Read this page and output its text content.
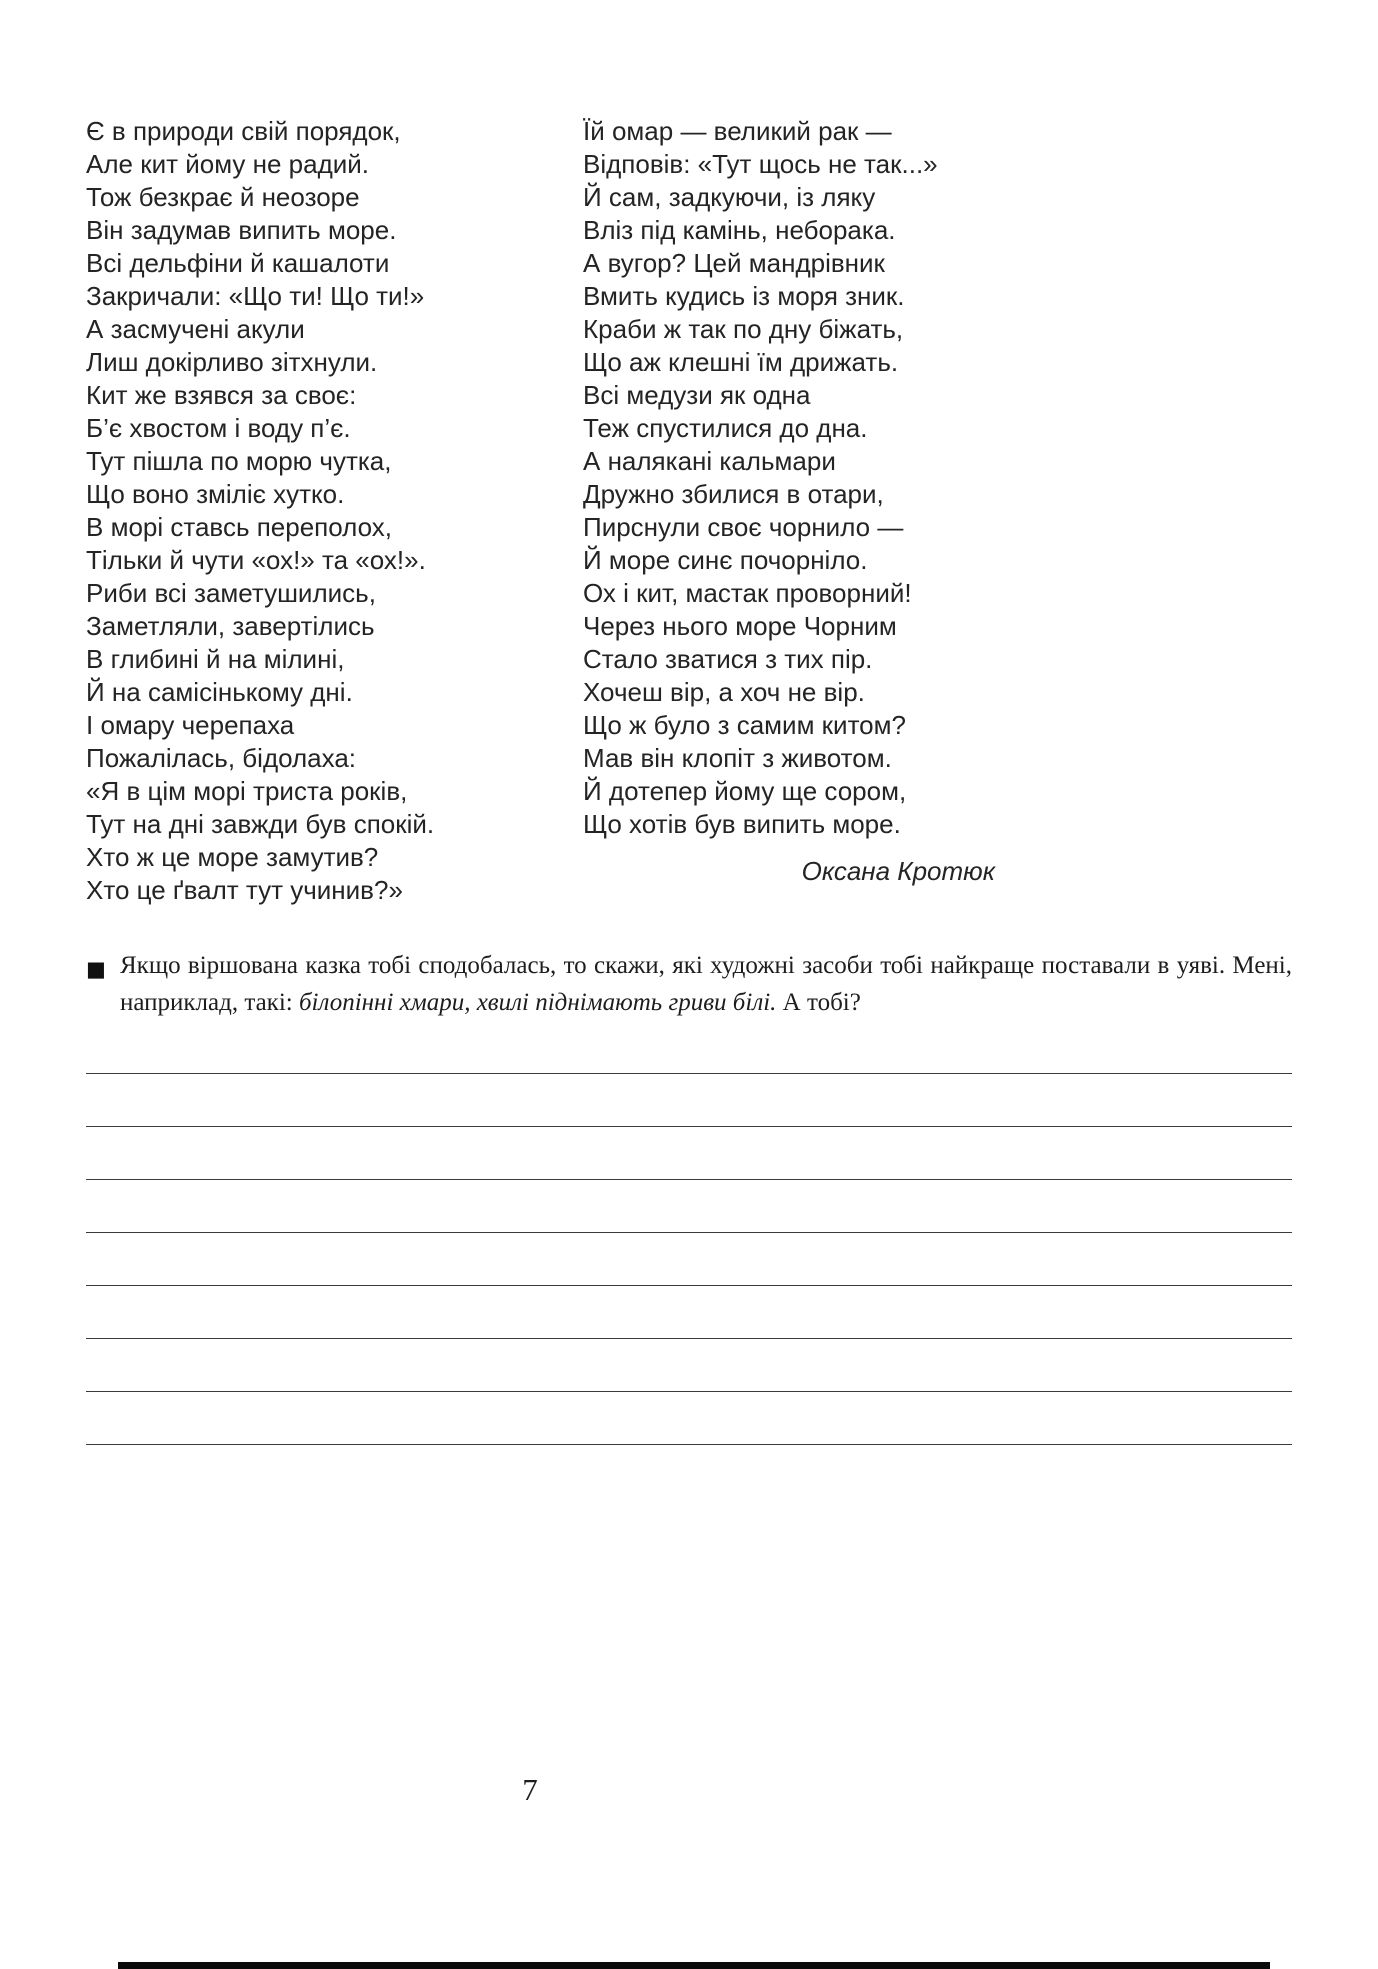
Є в природи свій порядок,
Але кит йому не радий.
Тож безкрає й неозоре
Він задумав випить море.
Всі дельфіни й кашалоти
Закричали: «Що ти! Що ти!»
А засмучені акули
Лиш докірливо зітхнули.
Кит же взявся за своє:
Б’є хвостом і воду п’є.
Тут пішла по морю чутка,
Що воно зміліє хутко.
В морі ставсь переполох,
Тільки й чути «ох!» та «ох!».
Риби всі заметушились,
Заметляли, завертілись
В глибині й на мілині,
Й на самісінькому дні.
І омару черепаха
Пожалілась, бідолаха:
«Я в цім морі триста років,
Тут на дні завжди був спокій.
Хто ж це море замутив?
Хто це ґвалт тут учинив?»
Їй омар — великий рак —
Відповів: «Тут щось не так...»
Й сам, задкуючи, із ляку
Вліз під камінь, неборака.
А вугор? Цей мандрівник
Вмить кудись із моря зник.
Краби ж так по дну біжать,
Що аж клешні їм дрижать.
Всі медузи як одна
Теж спустилися до дна.
А налякані кальмари
Дружно збилися в отари,
Пирснули своє чорнило —
Й море синє почорніло.
Ох і кит, мастак проворний!
Через нього море Чорним
Стало зватися з тих пір.
Хочеш вір, а хоч не вір.
Що ж було з самим китом?
Мав він клопіт з животом.
Й дотепер йому ще сором,
Що хотів був випить море.
Оксана Кротюк
■ Якщо віршована казка тобі сподобалась, то скажи, які художні засоби тобі найкраще поставали в уяві. Мені, наприклад, такі: білопінні хмари, хвилі піднімають гриви білі. А тобі?
7
